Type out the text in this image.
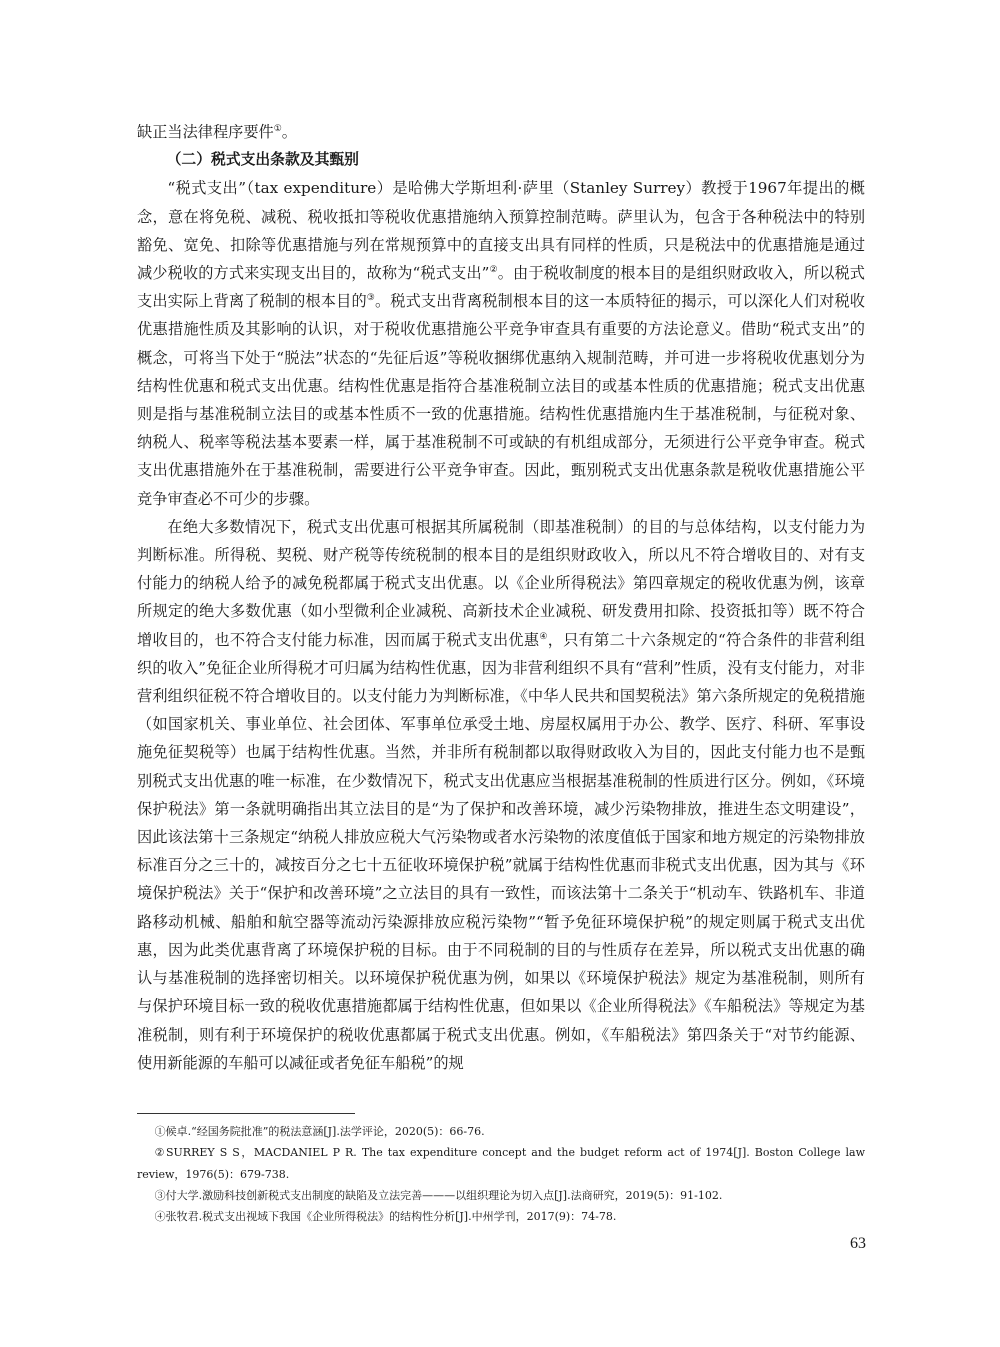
缺正当法律程序要件①。

（二）税式支出条款及其甄别

“税式支出”（tax expenditure）是哈佛大学斯坦利·萨里（Stanley Surrey）教授于1967年提出的概念，意在将免税、减税、税收抵扣等税收优惠措施纳入预算控制范畴。萨里认为，包含于各种税法中的特别豁免、宽免、扣除等优惠措施与列在常规预算中的直接支出具有同样的性质，只是税法中的优惠措施是通过减少税收的方式来实现支出目的，故称为“税式支出”②。由于税收制度的根本目的是组织财政收入，所以税式支出实际上背离了税制的根本目的③。税式支出背离税制根本目的这一本质特征的揭示，可以深化人们对税收优惠措施性质及其影响的认识，对于税收优惠措施公平竞争审查具有重要的方法论意义。借助“税式支出”的概念，可将当下处于“脱法”状态的“先征后返”等税收捆绑优惠纳入规制范畴，并可进一步将税收优惠划分为结构性优惠和税式支出优惠。结构性优惠是指符合基准税制立法目的或基本性质的优惠措施；税式支出优惠则是指与基准税制立法目的或基本性质不一致的优惠措施。结构性优惠措施内生于基准税制，与征税对象、纳税人、税率等税法基本要素一样，属于基准税制不可或缺的有机组成部分，无须进行公平竞争审查。税式支出优惠措施外在于基准税制，需要进行公平竞争审查。因此，甄别税式支出优惠条款是税收优惠措施公平竞争审查必不可少的步骤。

在绝大多数情况下，税式支出优惠可根据其所属税制（即基准税制）的目的与总体结构，以支付能力为判断标准。所得税、契税、财产税等传统税制的根本目的是组织财政收入，所以凡不符合增收目的、对有支付能力的纳税人给予的减免税都属于税式支出优惠。以《企业所得税法》第四章规定的税收优惠为例，该章所规定的绝大多数优惠（如小型微利企业减税、高新技术企业减税、研发费用扣除、投资抵扣等）既不符合增收目的，也不符合支付能力标准，因而属于税式支出优惠④，只有第二十六条规定的“符合条件的非营利组织的收入”免征企业所得税才可归属为结构性优惠，因为非营利组织不具有“营利”性质，没有支付能力，对非营利组织征税不符合增收目的。以支付能力为判断标准，《中华人民共和国契税法》第六条所规定的免税措施（如国家机关、事业单位、社会团体、军事单位承受土地、房屋权属用于办公、教学、医疗、科研、军事设施免征契税等）也属于结构性优惠。当然，并非所有税制都以取得财政收入为目的，因此支付能力也不是甄别税式支出优惠的唯一标准，在少数情况下，税式支出优惠应当根据基准税制的性质进行区分。例如，《环境保护税法》第一条就明确指出其立法目的是“为了保护和改善环境，减少污染物排放，推进生态文明建设”，因此该法第十三条规定“纳税人排放应税大气污染物或者水污染物的浓度值低于国家和地方规定的污染物排放标准百分之三十的，减按百分之七十五征收环境保护税”就属于结构性优惠而非税式支出优惠，因为其与《环境保护税法》关于“保护和改善环境”之立法目的具有一致性，而该法第十二条关于“机动车、铁路机车、非道路移动机械、船舶和航空器等流动污染源排放应税污染物”“暂予免征环境保护税”的规定则属于税式支出优惠，因为此类优惠背离了环境保护税的目标。由于不同税制的目的与性质存在差异，所以税式支出优惠的确认与基准税制的选择密切相关。以环境保护税优惠为例，如果以《环境保护税法》规定为基准税制，则所有与保护环境目标一致的税收优惠措施都属于结构性优惠，但如果以《企业所得税法》《车船税法》等规定为基准税制，则有利于环境保护的税收优惠都属于税式支出优惠。例如，《车船税法》第四条关于“对节约能源、使用新能源的车船可以减征或者免征车船税”的规

①候卓.“经国务院批准”的税法意涵[J].法学评论，2020(5)：66-76.

②SURREY S S，MACDANIEL P R. The tax expenditure concept and the budget reform act of 1974[J]. Boston College law review，1976(5)：679-738.

③付大学.激励科技创新税式支出制度的缺陷及立法完善———以组织理论为切入点[J].法商研究，2019(5)：91-102.

④张牧君.税式支出视域下我国《企业所得税法》的结构性分析[J].中州学刊，2017(9)：74-78.

63
